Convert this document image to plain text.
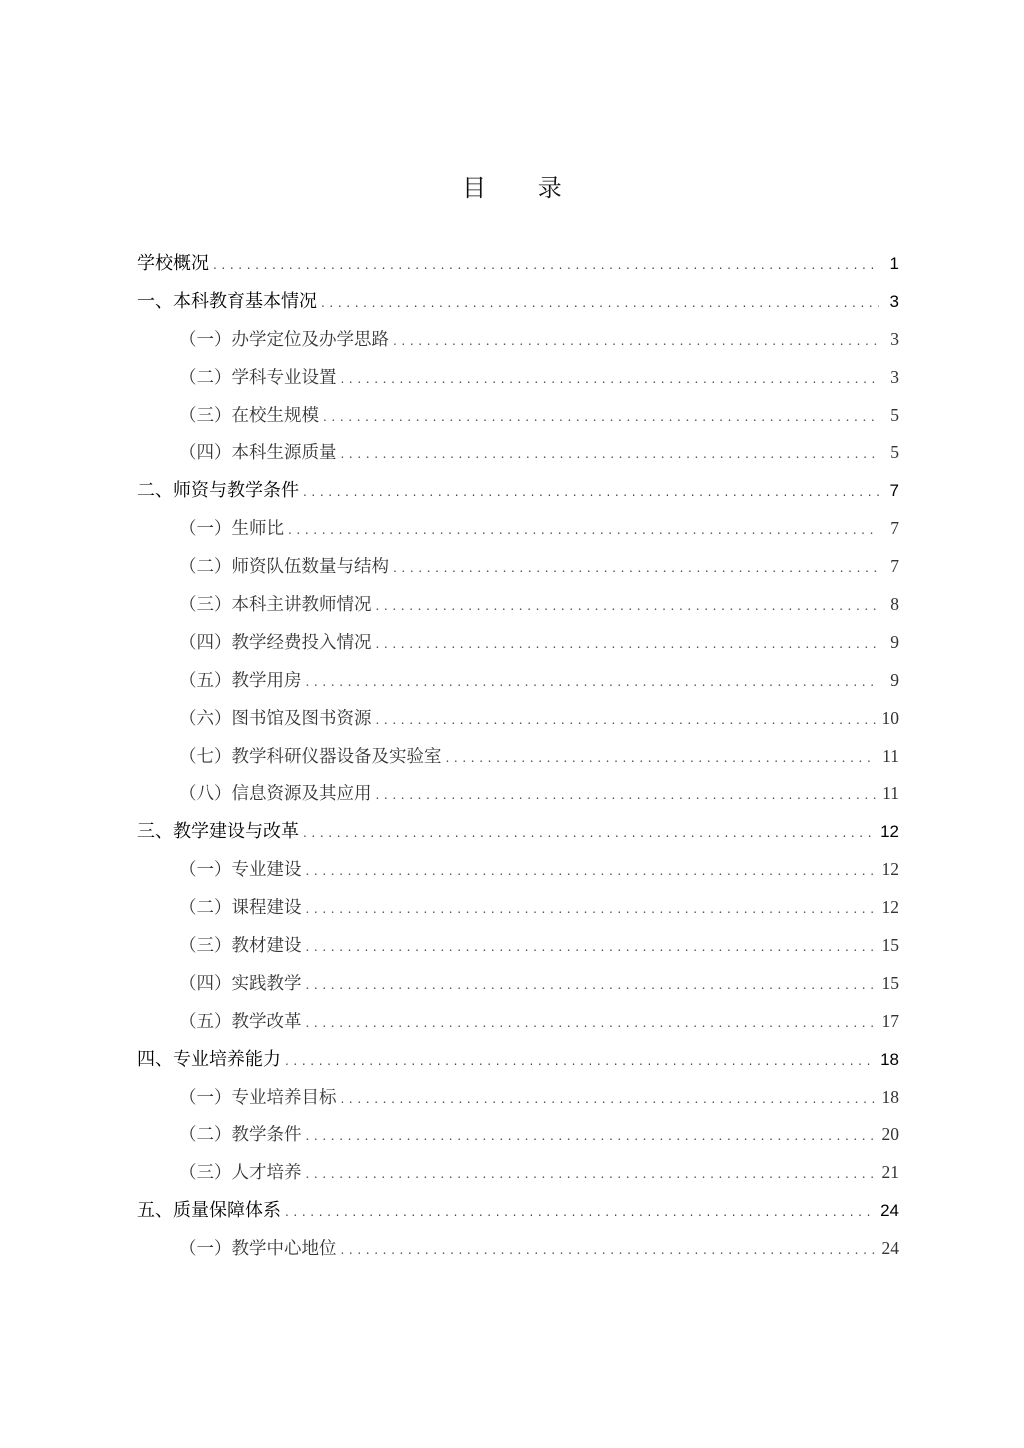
目 录
学校概况 . . .	1
一、本科教育基本情况 . . .	3
（一）办学定位及办学思路 . . .	3
（二）学科专业设置 . . .	3
（三）在校生规模 . . .	5
（四）本科生源质量 . . .	5
二、师资与教学条件 . . .	7
（一）生师比 . . .	7
（二）师资队伍数量与结构 . . .	7
（三）本科主讲教师情况 . . .	8
（四）教学经费投入情况 . . .	9
（五）教学用房 . . .	9
（六）图书馆及图书资源 . . .	10
（七）教学科研仪器设备及实验室 . . .	11
（八）信息资源及其应用 . . .	11
三、教学建设与改革 . . .	12
（一）专业建设 . . .	12
（二）课程建设 . . .	12
（三）教材建设 . . .	15
（四）实践教学 . . .	15
（五）教学改革 . . .	17
四、专业培养能力 . . .	18
（一）专业培养目标 . . .	18
（二）教学条件 . . .	20
（三）人才培养 . . .	21
五、质量保障体系 . . .	24
（一）教学中心地位 . . .	24
